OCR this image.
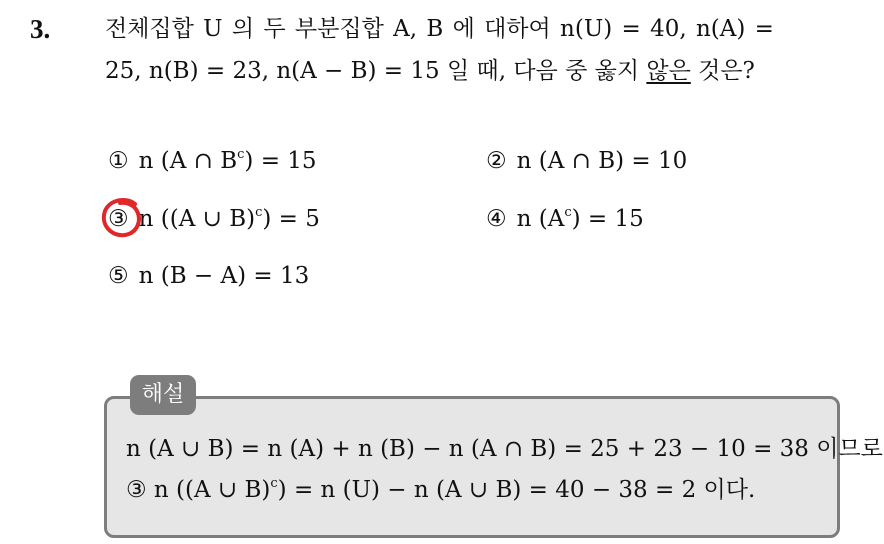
3. 전체집합 U 의 두 부분집합 A, B 에 대하여 n(U) = 40, n(A) =
25, n(B) = 23, n(A − B) = 15 일 때, 다음 중 옳지 않은 것은?
① n (A ∩ $B^c) = 15$	② n (A ∩ B) = 10
③ n ((A ∪ B)$^c$) = 5	④ n $(A^c) = 15$
⑤ n (B − A) = 13
해설
n (A ∪ B) = n (A) + n (B) − n (A ∩ B) = 25 + 23 − 10 = 38 이므로
③ n ((A ∪ B)$^c$) = n (U) − n (A ∪ B) = 40 − 38 = 2 이다.
